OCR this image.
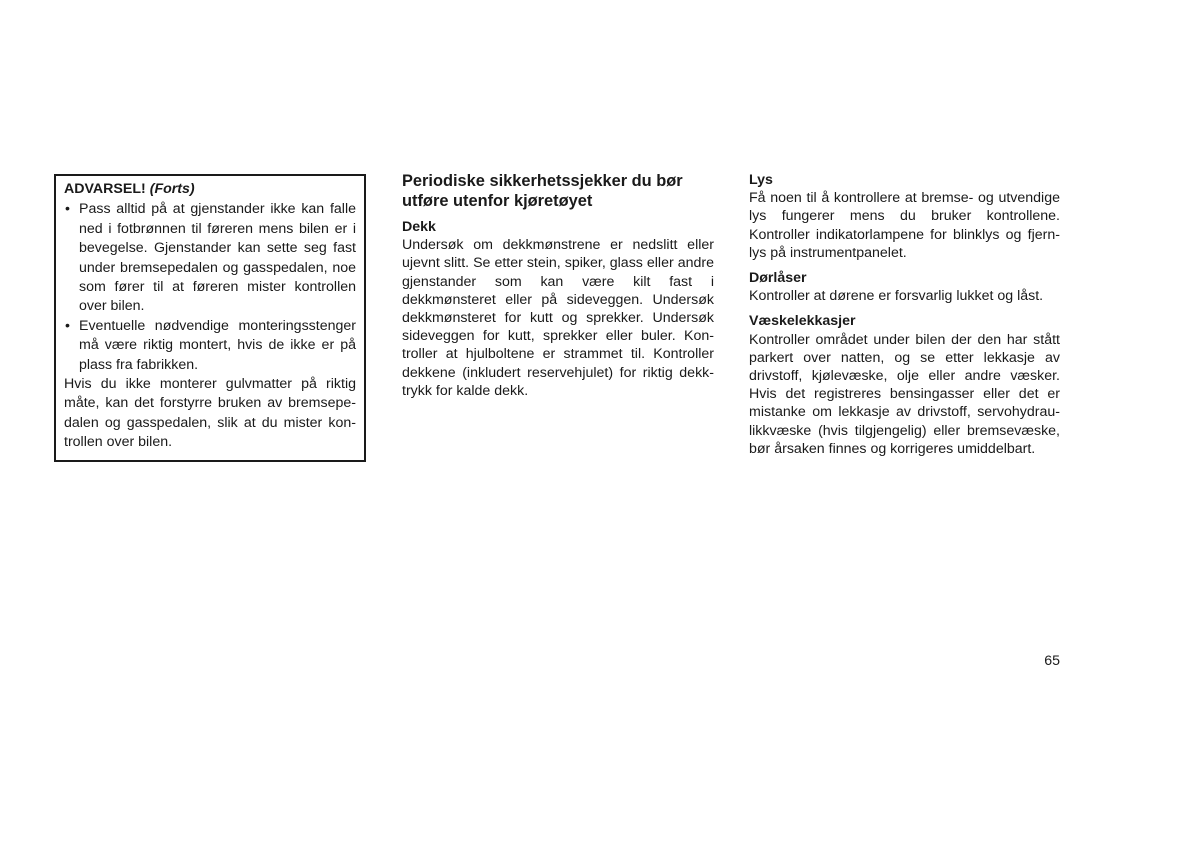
ADVARSEL! (Forts)
• Pass alltid på at gjenstander ikke kan falle ned i fotbrønnen til føreren mens bilen er i bevegelse. Gjenstander kan sette seg fast under bremsepedalen og gasspedalen, noe som fører til at føreren mister kontrollen over bilen.
• Eventuelle nødvendige monteringsstenger må være riktig montert, hvis de ikke er på plass fra fabrikken.

Hvis du ikke monterer gulvmatter på riktig måte, kan det forstyrre bruken av bremsepedalen og gasspedalen, slik at du mister kontrollen over bilen.

Periodiske sikkerhetssjekker du bør utføre utenfor kjøretøyet
Dekk

Undersøk om dekkmønstrene er nedslitt eller ujevnt slitt. Se etter stein, spiker, glass eller andre gjenstander som kan være kilt fast i dekkmønsteret eller på sideveggen. Undersøk dekkmønsteret for kutt og sprekker. Undersøk sideveggen for kutt, sprekker eller buler. Kontroller at hjulboltene er strammet til. Kontroller dekkene (inkludert reservehjulet) for riktig dekktrykk for kalde dekk.

Lys

Få noen til å kontrollere at bremse- og utvendige lys fungerer mens du bruker kontrollene. Kontroller indikatorlampene for blinklys og fjernlys på instrumentpanelet.

Dørlåser

Kontroller at dørene er forsvarlig lukket og låst.

Væskelekkasjer

Kontroller området under bilen der den har stått parkert over natten, og se etter lekkasje av drivstoff, kjølevæske, olje eller andre væsker. Hvis det registreres bensingasser eller det er mistanke om lekkasje av drivstoff, servohydraulikkvæske (hvis tilgjengelig) eller bremsevæske, bør årsaken finnes og korrigeres umiddelbart.

65
